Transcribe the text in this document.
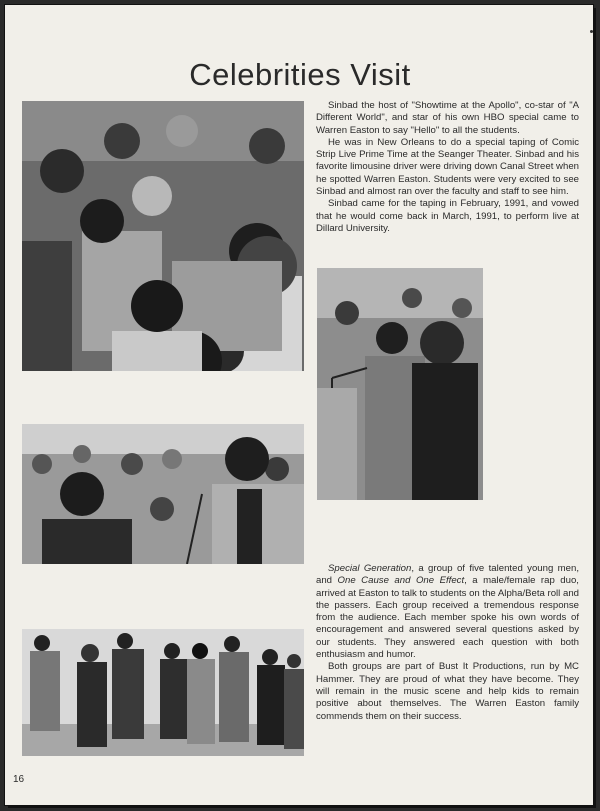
Celebrities Visit

Sinbad the host of "Showtime at the Apollo", co-star of "A Different World", and star of his own HBO special came to Warren Easton to say "Hello" to all the students.

He was in New Orleans to do a special taping of Comic Strip Live Prime Time at the Seanger Theater. Sinbad and his favorite limousine driver were driving down Canal Street when he spotted Warren Easton. Students were very excited to see Sinbad and almost ran over the faculty and staff to see him.

Sinbad came for the taping in February, 1991, and vowed that he would come back in March, 1991, to perform live at Dillard University.

Special Generation, a group of five talented young men, and One Cause and One Effect, a male/female rap duo, arrived at Easton to talk to students on the Alpha/Beta roll and the passers. Each group received a tremendous response from the audience. Each member spoke his own words of encouragement and answered several questions asked by our students. They answered each question with both enthusiasm and humor.

Both groups are part of Bust It Productions, run by MC Hammer. They are proud of what they have become. They will remain in the music scene and help kids to remain positive about themselves. The Warren Easton family commends them on their success.

16
